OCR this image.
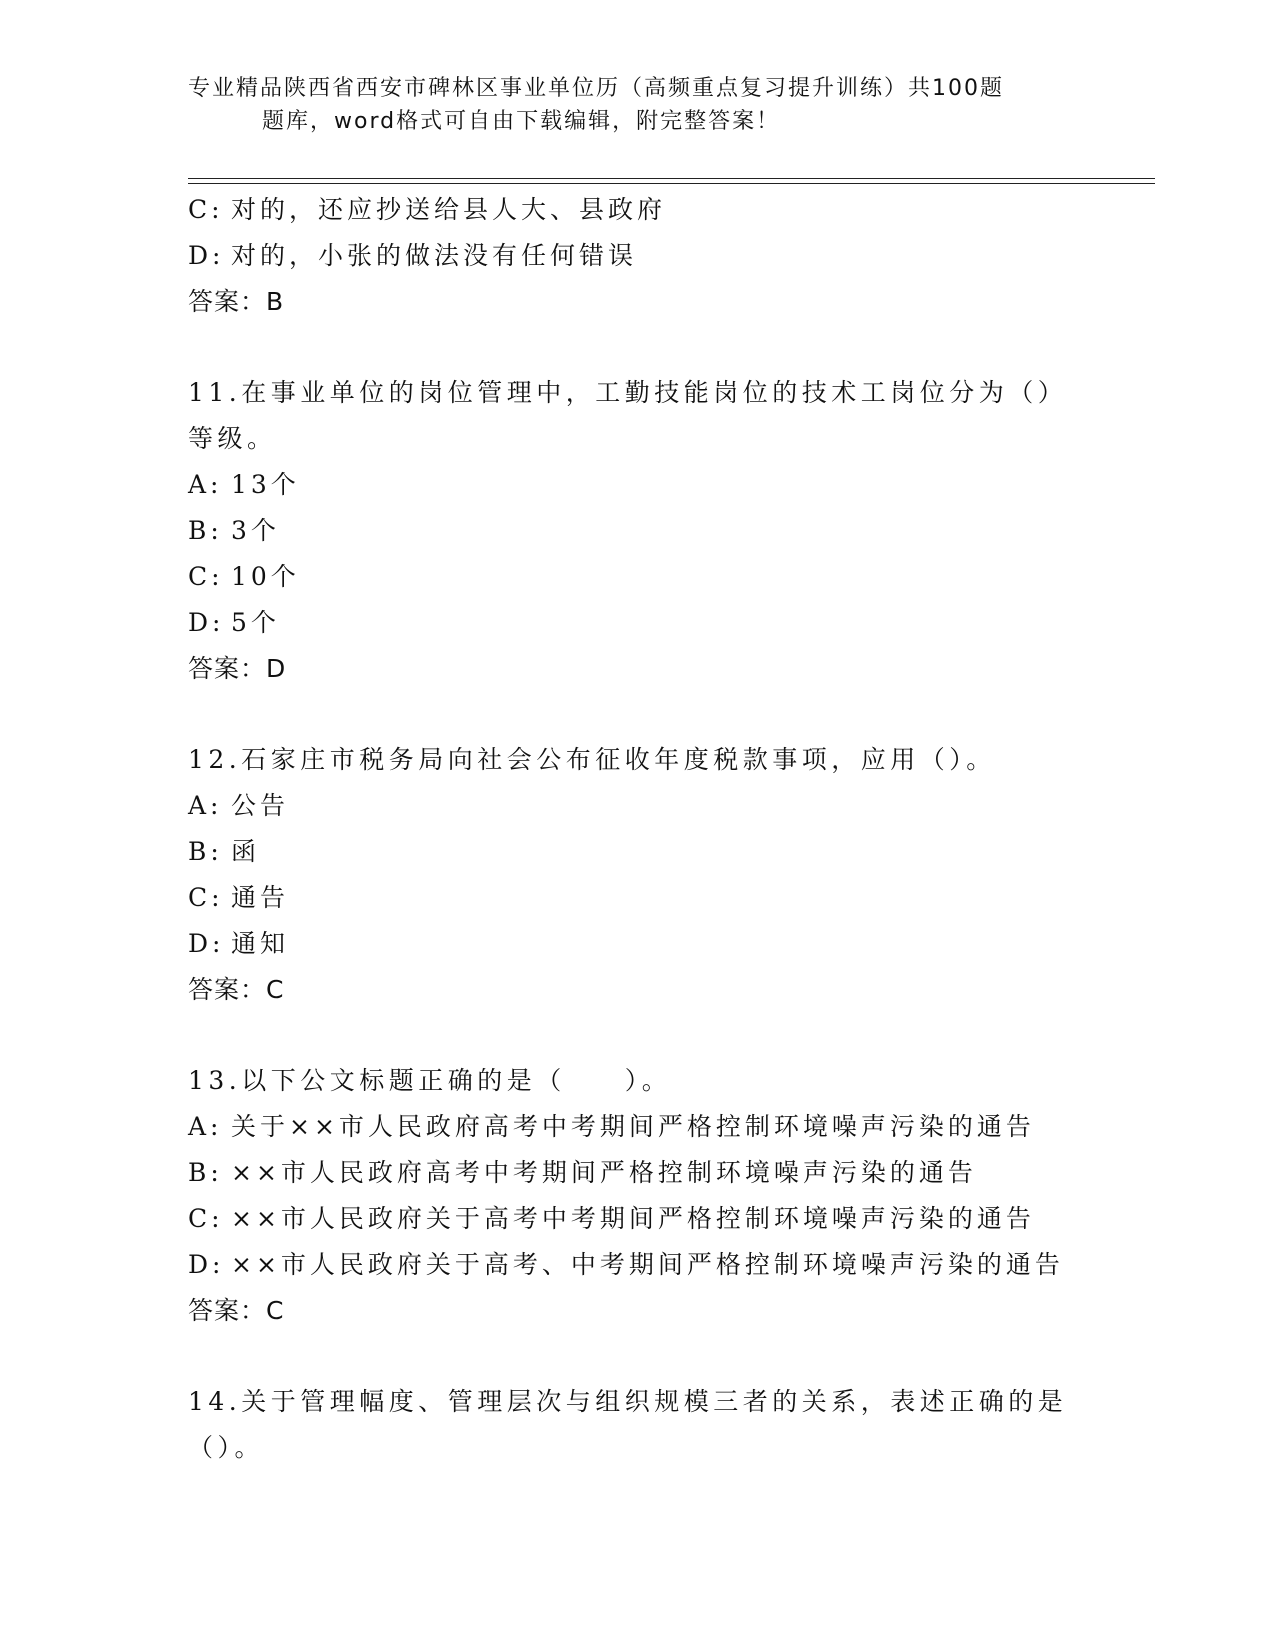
专业精品陕西省西安市碑林区事业单位历（高频重点复习提升训练）共100题
题库，word格式可自由下载编辑，附完整答案！
C: 对的，还应抄送给县人大、县政府
D: 对的，小张的做法没有任何错误
答案：B
11.在事业单位的岗位管理中，工勤技能岗位的技术工岗位分为（）等级。
A: 13个
B: 3个
C: 10个
D: 5个
答案：D
12.石家庄市税务局向社会公布征收年度税款事项，应用（）。
A: 公告
B: 函
C: 通告
D: 通知
答案：C
13.以下公文标题正确的是（　　）。
A: 关于××市人民政府高考中考期间严格控制环境噪声污染的通告
B: ××市人民政府高考中考期间严格控制环境噪声污染的通告
C: ××市人民政府关于高考中考期间严格控制环境噪声污染的通告
D: ××市人民政府关于高考、中考期间严格控制环境噪声污染的通告
答案：C
14.关于管理幅度、管理层次与组织规模三者的关系，表述正确的是（）。
